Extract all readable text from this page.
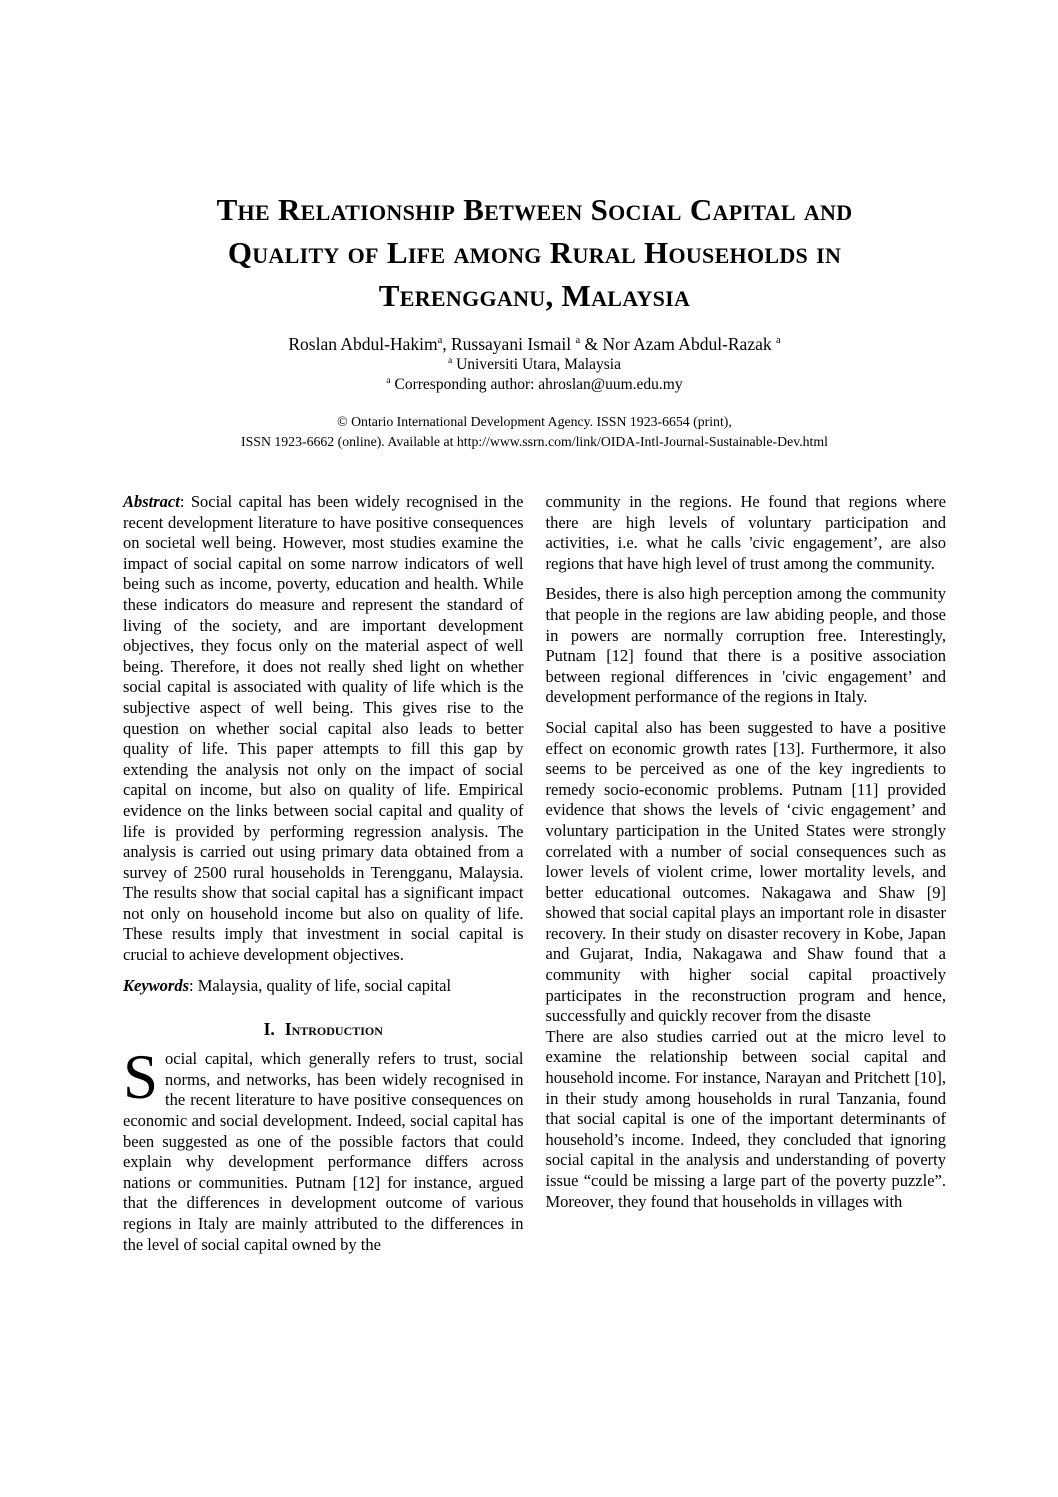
The Relationship Between Social Capital and
Quality of Life among Rural Households in
Terengganu, Malaysia
Roslan Abdul-Hakim$^a$, Russayani Ismail $^a$ & Nor Azam Abdul-Razak $^a$
$^a$ Universiti Utara, Malaysia
$^a$ Corresponding author: ahroslan@uum.edu.my
© Ontario International Development Agency. ISSN 1923-6654 (print),
ISSN 1923-6662 (online). Available at http://www.ssrn.com/link/OIDA-Intl-Journal-Sustainable-Dev.html

Abstract: Social capital has been widely recognised in the recent development literature to have positive consequences on societal well being. However, most studies examine the impact of social capital on some narrow indicators of well being such as income, poverty, education and health. While these indicators do measure and represent the standard of living of the society, and are important development objectives, they focus only on the material aspect of well being. Therefore, it does not really shed light on whether social capital is associated with quality of life which is the subjective aspect of well being. This gives rise to the question on whether social capital also leads to better quality of life. This paper attempts to fill this gap by extending the analysis not only on the impact of social capital on income, but also on quality of life. Empirical evidence on the links between social capital and quality of life is provided by performing regression analysis. The analysis is carried out using primary data obtained from a survey of 2500 rural households in Terengganu, Malaysia. The results show that social capital has a significant impact not only on household income but also on quality of life. These results imply that investment in social capital is crucial to achieve development objectives.

Keywords: Malaysia, quality of life, social capital

I. Introduction

Social capital, which generally refers to trust, social norms, and networks, has been widely recognised in the recent literature to have positive consequences on economic and social development. Indeed, social capital has been suggested as one of the possible factors that could explain why development performance differs across nations or communities. Putnam [12] for instance, argued that the differences in development outcome of various regions in Italy are mainly attributed to the differences in the level of social capital owned by the

community in the regions. He found that regions where there are high levels of voluntary participation and activities, i.e. what he calls 'civic engagement’, are also regions that have high level of trust among the community.

Besides, there is also high perception among the community that people in the regions are law abiding people, and those in powers are normally corruption free. Interestingly, Putnam [12] found that there is a positive association between regional differences in 'civic engagement’ and development performance of the regions in Italy.

Social capital also has been suggested to have a positive effect on economic growth rates [13]. Furthermore, it also seems to be perceived as one of the key ingredients to remedy socio-economic problems. Putnam [11] provided evidence that shows the levels of ‘civic engagement’ and voluntary participation in the United States were strongly correlated with a number of social consequences such as lower levels of violent crime, lower mortality levels, and better educational outcomes. Nakagawa and Shaw [9] showed that social capital plays an important role in disaster recovery. In their study on disaster recovery in Kobe, Japan and Gujarat, India, Nakagawa and Shaw found that a community with higher social capital proactively participates in the reconstruction program and hence, successfully and quickly recover from the disaste

There are also studies carried out at the micro level to examine the relationship between social capital and household income. For instance, Narayan and Pritchett [10], in their study among households in rural Tanzania, found that social capital is one of the important determinants of household’s income. Indeed, they concluded that ignoring social capital in the analysis and understanding of poverty issue “could be missing a large part of the poverty puzzle”. Moreover, they found that households in villages with
